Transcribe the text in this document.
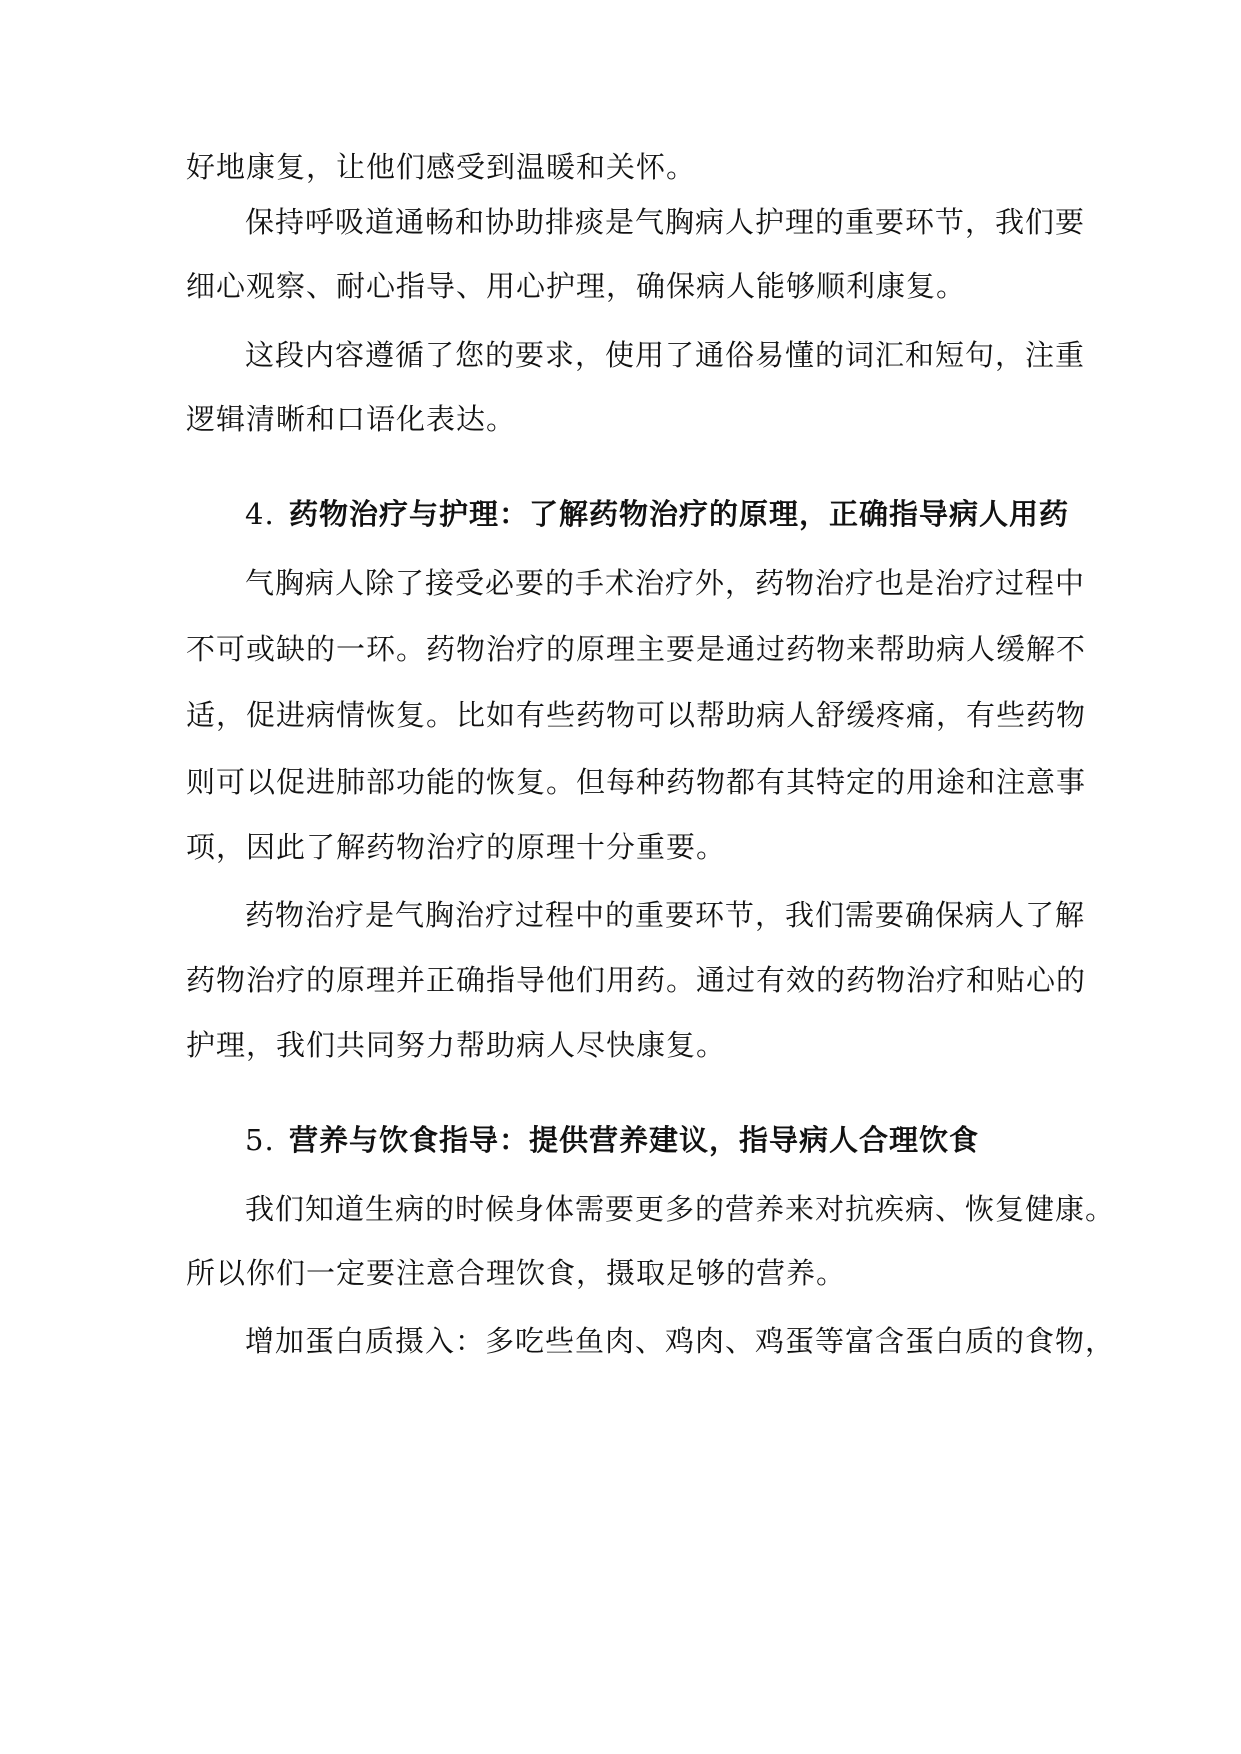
好地康复，让他们感受到温暖和关怀。
保持呼吸道通畅和协助排痰是气胸病人护理的重要环节，我们要
细心观察、耐心指导、用心护理，确保病人能够顺利康复。
这段内容遵循了您的要求，使用了通俗易懂的词汇和短句，注重
逻辑清晰和口语化表达。
4. 药物治疗与护理：了解药物治疗的原理，正确指导病人用药
气胸病人除了接受必要的手术治疗外，药物治疗也是治疗过程中
不可或缺的一环。药物治疗的原理主要是通过药物来帮助病人缓解不
适，促进病情恢复。比如有些药物可以帮助病人舒缓疼痛，有些药物
则可以促进肺部功能的恢复。但每种药物都有其特定的用途和注意事
项，因此了解药物治疗的原理十分重要。
药物治疗是气胸治疗过程中的重要环节，我们需要确保病人了解
药物治疗的原理并正确指导他们用药。通过有效的药物治疗和贴心的
护理，我们共同努力帮助病人尽快康复。
5. 营养与饮食指导：提供营养建议，指导病人合理饮食
我们知道生病的时候身体需要更多的营养来对抗疾病、恢复健康。
所以你们一定要注意合理饮食，摄取足够的营养。
增加蛋白质摄入：多吃些鱼肉、鸡肉、鸡蛋等富含蛋白质的食物，
